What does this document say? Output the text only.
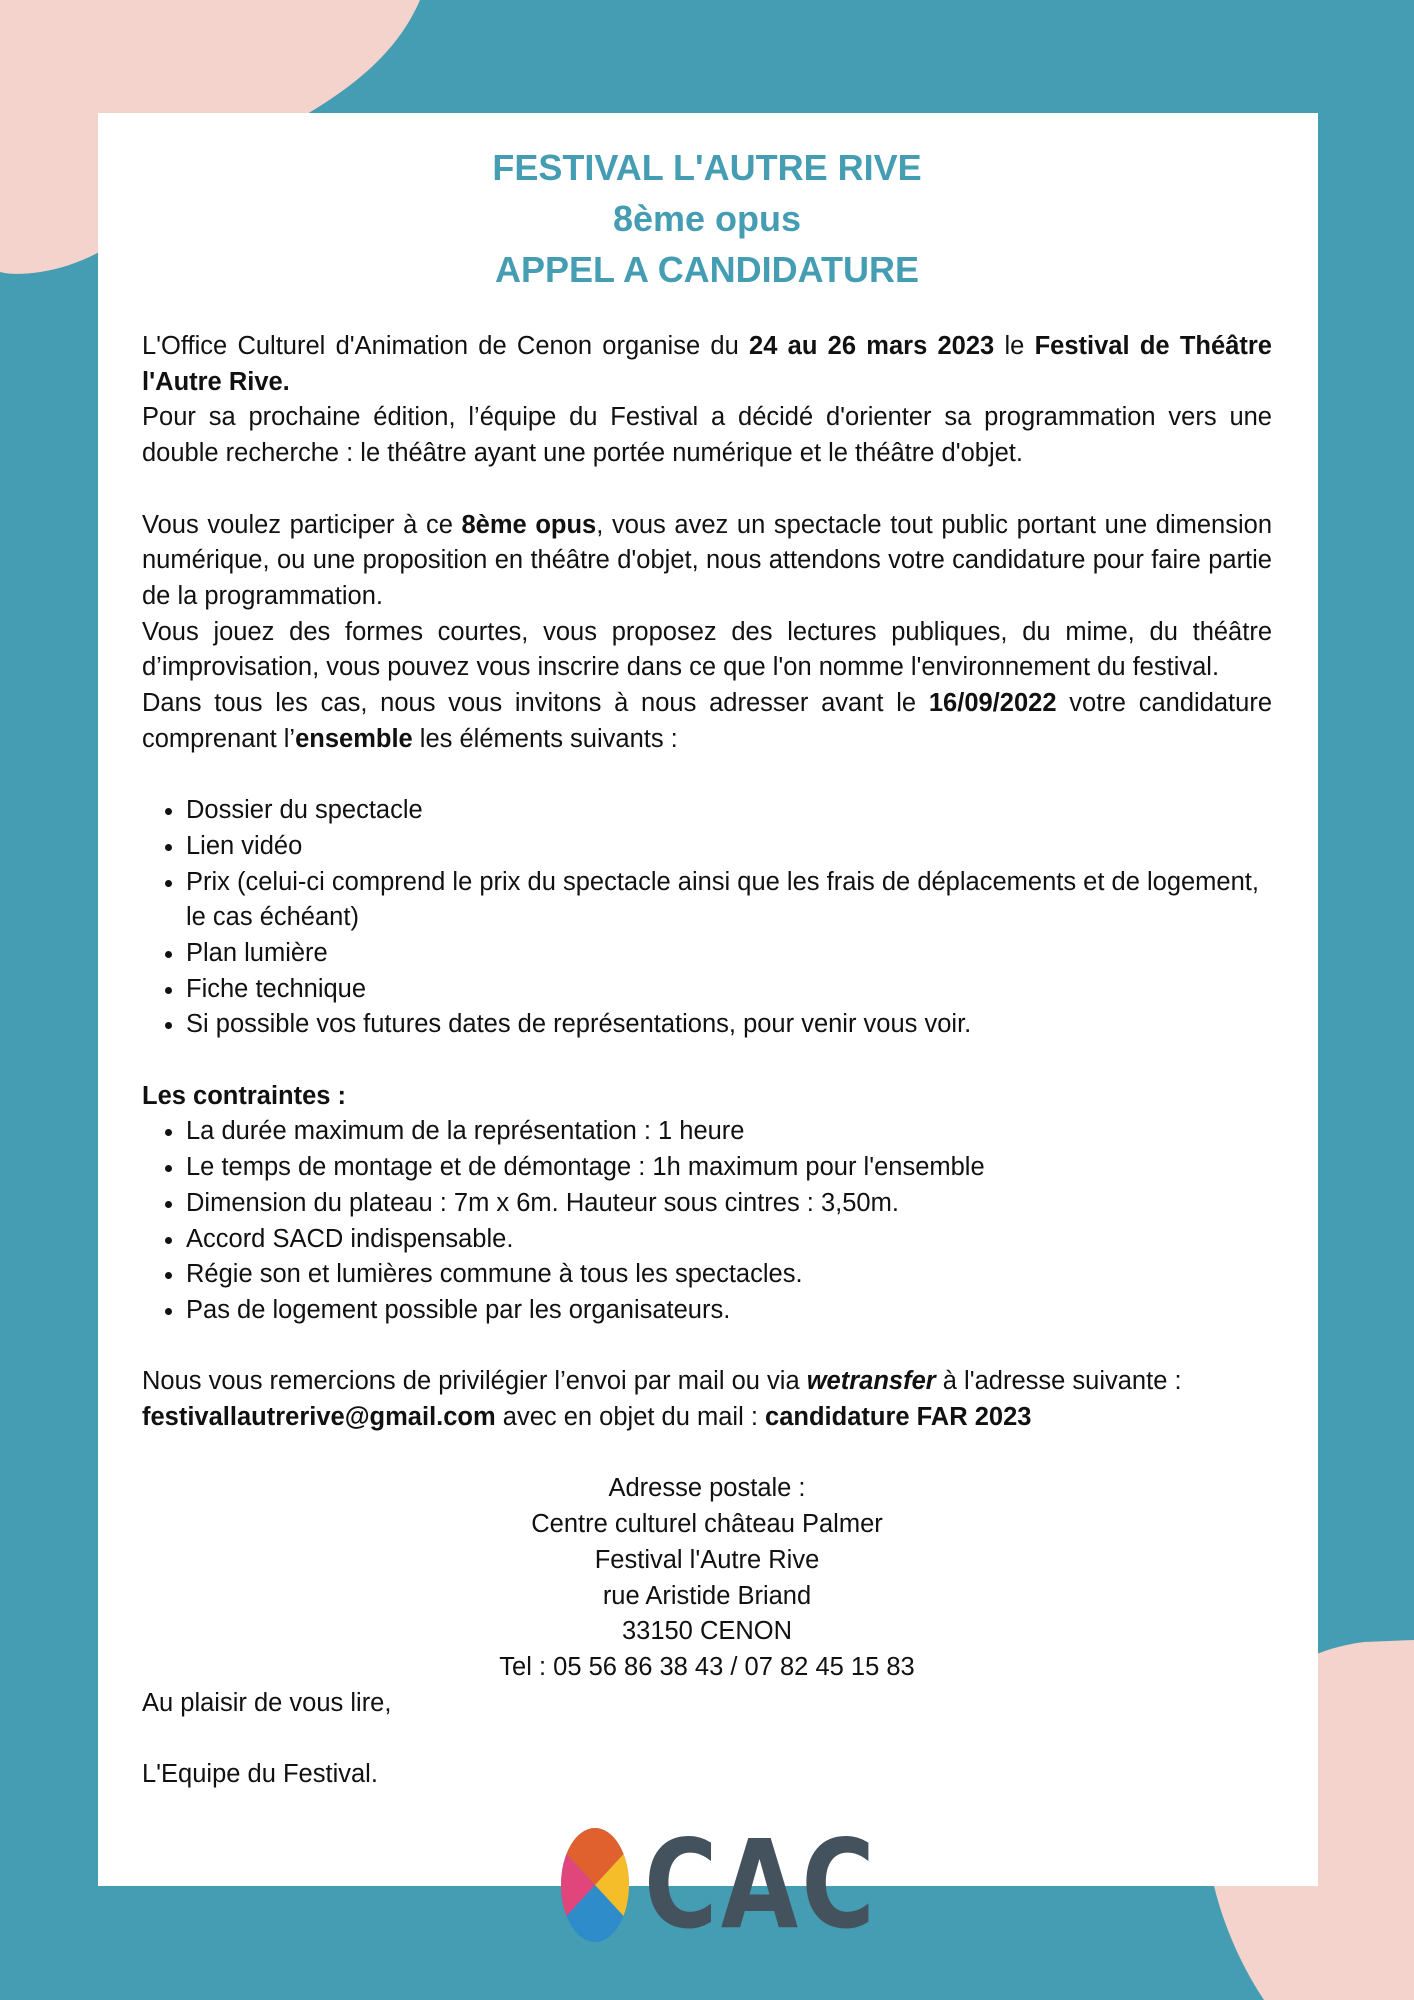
FESTIVAL L'AUTRE RIVE
8ème opus
APPEL A CANDIDATURE

L'Office Culturel d'Animation de Cenon organise du 24 au 26 mars 2023 le Festival de Théâtre l'Autre Rive.

Pour sa prochaine édition, l’équipe du Festival a décidé d'orienter sa programmation vers une double recherche : le théâtre ayant une portée numérique et le théâtre d'objet.

Vous voulez participer à ce 8ème opus, vous avez un spectacle tout public portant une dimension numérique, ou une proposition en théâtre d'objet, nous attendons votre candidature pour faire partie de la programmation.

Vous jouez des formes courtes, vous proposez des lectures publiques, du mime, du théâtre d’improvisation, vous pouvez vous inscrire dans ce que l'on nomme l'environnement du festival.

Dans tous les cas, nous vous invitons à nous adresser avant le 16/09/2022 votre candidature comprenant l’ensemble les éléments suivants :

• Dossier du spectacle
• Lien vidéo
• Prix (celui-ci comprend le prix du spectacle ainsi que les frais de déplacements et de logement, le cas échéant)
• Plan lumière
• Fiche technique
• Si possible vos futures dates de représentations, pour venir vous voir.

Les contraintes :

• La durée maximum de la représentation : 1 heure
• Le temps de montage et de démontage : 1h maximum pour l'ensemble
• Dimension du plateau : 7m x 6m. Hauteur sous cintres : 3,50m.
• Accord SACD indispensable.
• Régie son et lumières commune à tous les spectacles.
• Pas de logement possible par les organisateurs.

Nous vous remercions de privilégier l’envoi par mail ou via wetransfer à l'adresse suivante : festivallautrerive@gmail.com avec en objet du mail : candidature FAR 2023

Adresse postale :
Centre culturel château Palmer
Festival l'Autre Rive
rue Aristide Briand
33150 CENON
Tel : 05 56 86 38 43 / 07 82 45 15 83

Au plaisir de vous lire,

L'Equipe du Festival.

CAC
